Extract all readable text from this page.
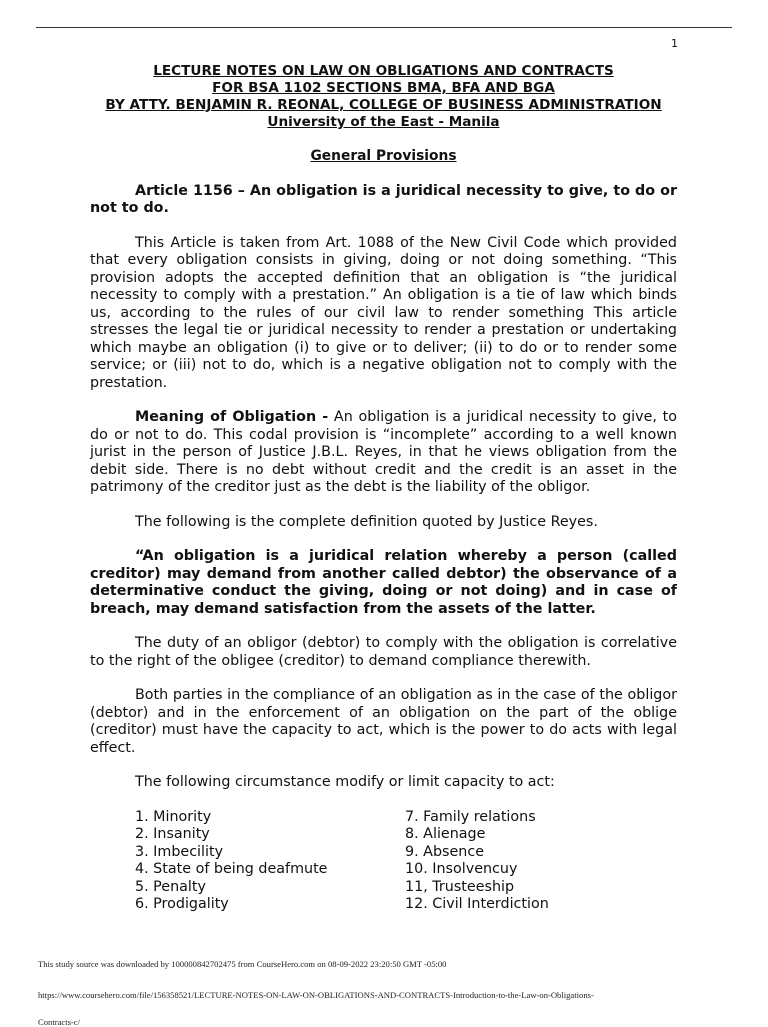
1

LECTURE NOTES ON LAW ON OBLIGATIONS AND CONTRACTS

FOR BSA 1102 SECTIONS BMA, BFA AND BGA

BY ATTY. BENJAMIN R. REONAL, COLLEGE OF BUSINESS ADMINISTRATION

University of the East - Manila

General Provisions

Article 1156 – An obligation is a juridical necessity to give, to do or not to do.

This Article is taken from Art. 1088 of the New Civil Code which provided that every obligation consists in giving, doing or not doing something. “This provision adopts the accepted definition that an obligation is “the juridical necessity to comply with a prestation.” An obligation is a tie of law which binds us, according to the rules of our civil law to render something This article stresses the legal tie or juridical necessity to render a prestation or undertaking which maybe an obligation (i) to give or to deliver; (ii) to do or to render some service; or (iii) not to do, which is a negative obligation not to comply with the prestation.

Meaning of Obligation - An obligation is a juridical necessity to give, to do or not to do. This codal provision is “incomplete” according to a well known jurist in the person of Justice J.B.L. Reyes, in that he views obligation from the debit side. There is no debt without credit and the credit is an asset in the patrimony of the creditor just as the debt is the liability of the obligor.

The following is the complete definition quoted by Justice Reyes.

“An obligation is a juridical relation whereby a person (called creditor) may demand from another called debtor) the observance of a determinative conduct the giving, doing or not doing) and in case of breach, may demand satisfaction from the assets of the latter.

The duty of an obligor (debtor) to comply with the obligation is correlative to the right of the obligee (creditor) to demand compliance therewith.

Both parties in the compliance of an obligation as in the case of the obligor (debtor) and in the enforcement of an obligation on the part of the oblige (creditor) must have the capacity to act, which is the power to do acts with legal effect.

The following circumstance modify or limit capacity to act:

1. Minority
2. Insanity
3. Imbecility
4. State of being deafmute
5. Penalty
6. Prodigality
7. Family relations
8. Alienage
9. Absence
10. Insolvencuy
11, Trusteeship
12. Civil Interdiction
This study source was downloaded by 100000842702475 from CourseHero.com on 08-09-2022 23:20:50 GMT -05:00
https://www.coursehero.com/file/156358521/LECTURE-NOTES-ON-LAW-ON-OBLIGATIONS-AND-CONTRACTS-Introduction-to-the-Law-on-Obligations-
Contracts-c/
